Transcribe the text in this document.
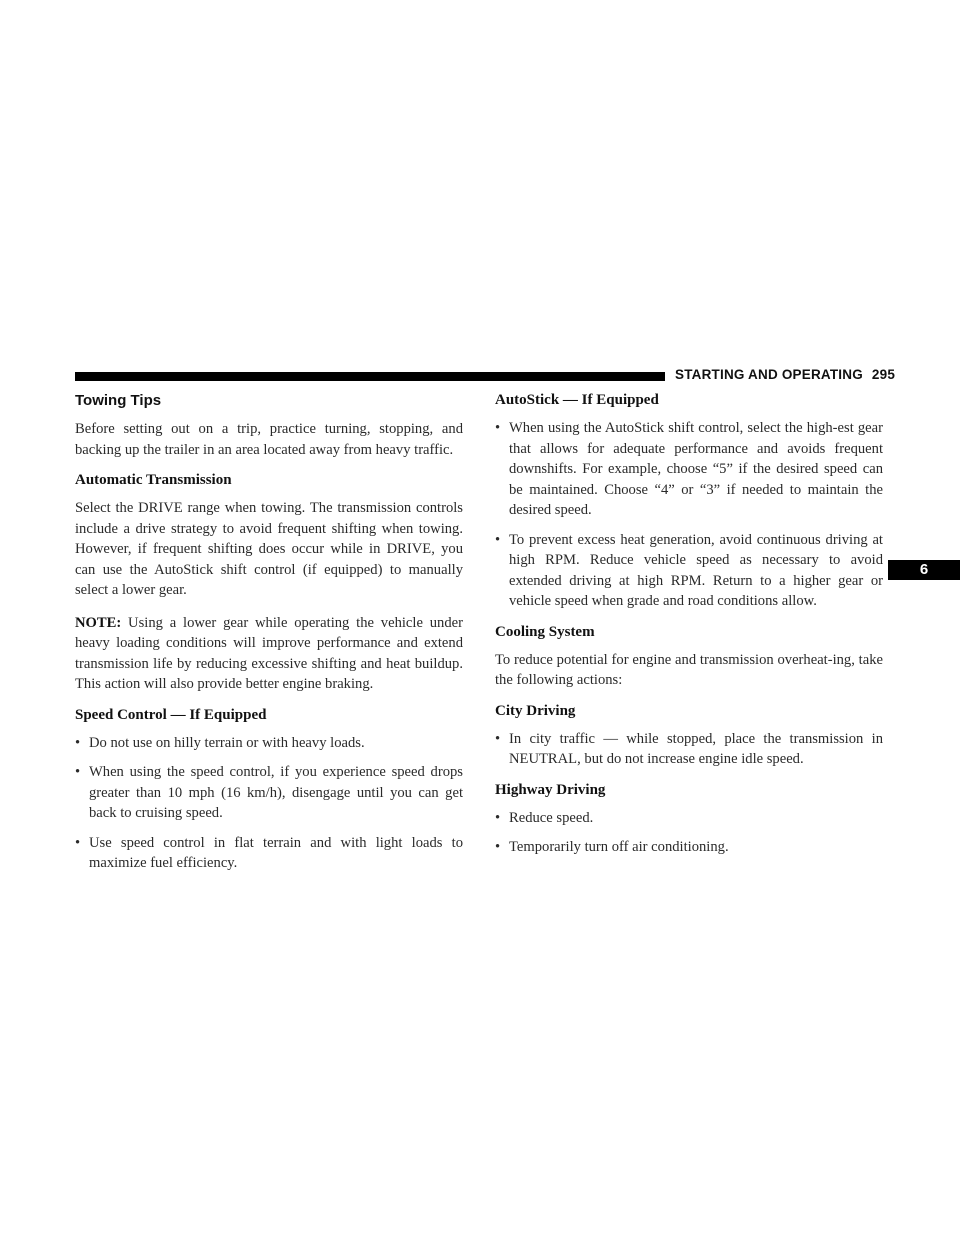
STARTING AND OPERATING 295
Towing Tips

Before setting out on a trip, practice turning, stopping, and backing up the trailer in an area located away from heavy traffic.

Automatic Transmission

Select the DRIVE range when towing. The transmission controls include a drive strategy to avoid frequent shifting when towing. However, if frequent shifting does occur while in DRIVE, you can use the AutoStick shift control (if equipped) to manually select a lower gear.

NOTE: Using a lower gear while operating the vehicle under heavy loading conditions will improve performance and extend transmission life by reducing excessive shifting and heat buildup. This action will also provide better engine braking.

Speed Control — If Equipped
• Do not use on hilly terrain or with heavy loads.
• When using the speed control, if you experience speed drops greater than 10 mph (16 km/h), disengage until you can get back to cruising speed.
• Use speed control in flat terrain and with light loads to maximize fuel efficiency.
AutoStick — If Equipped
• When using the AutoStick shift control, select the high-est gear that allows for adequate performance and avoids frequent downshifts. For example, choose “5” if the desired speed can be maintained. Choose “4” or “3” if needed to maintain the desired speed.
• To prevent excess heat generation, avoid continuous driving at high RPM. Reduce vehicle speed as necessary to avoid extended driving at high RPM. Return to a higher gear or vehicle speed when grade and road conditions allow.
Cooling System

To reduce potential for engine and transmission overheat-ing, take the following actions:

City Driving
• In city traffic — while stopped, place the transmission in NEUTRAL, but do not increase engine idle speed.
Highway Driving
• Reduce speed.
• Temporarily turn off air conditioning.
6
